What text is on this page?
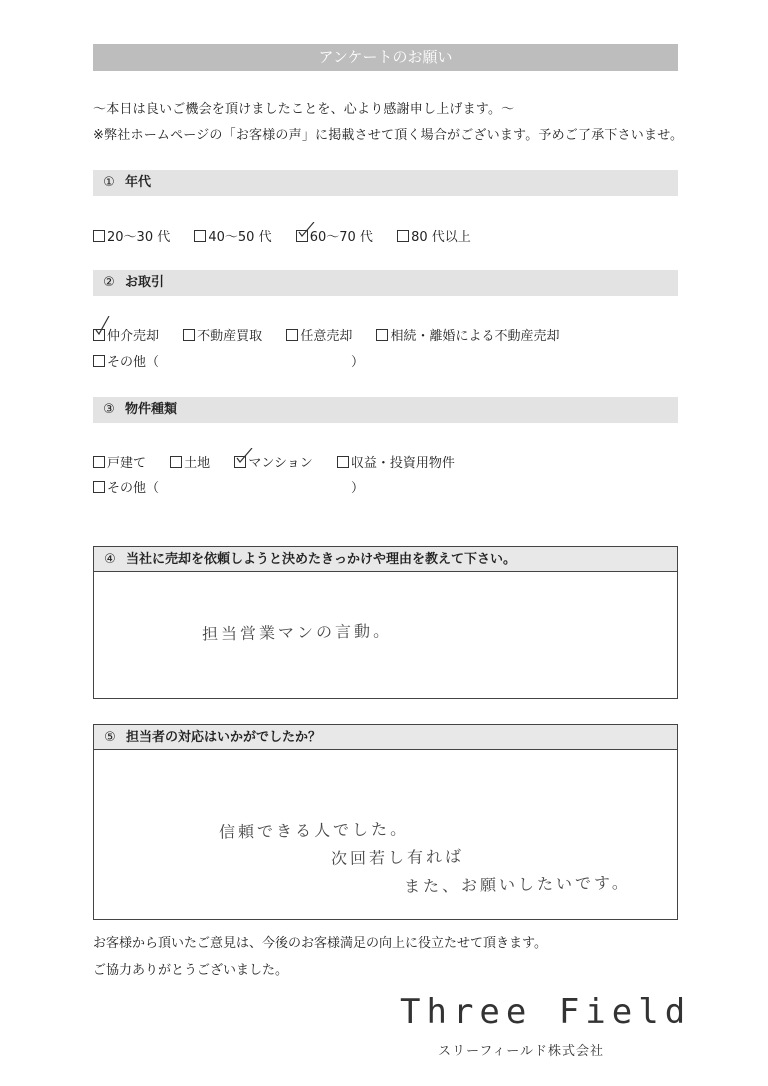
アンケートのお願い
～本日は良いご機会を頂けましたことを、心より感謝申し上げます。～
※弊社ホームページの「お客様の声」に掲載させて頂く場合がございます。予めご了承下さいませ。
① 年代
20～30 代	40～50 代	60～70 代	80 代以上
② お取引
仲介売却	不動産買取	任意売却	相続・離婚による不動産売却
その他（	）
③ 物件種類
戸建て	土地	マンション	収益・投資用物件
その他（	）
④ 当社に売却を依頼しようと決めたきっかけや理由を教えて下さい。
担当営業マンの言動。
⑤ 担当者の対応はいかがでしたか？
信頼できる人でした。
次回若し有れば
また、お願いしたいです。
お客様から頂いたご意見は、今後のお客様満足の向上に役立たせて頂きます。
ご協力ありがとうございました。
Three Field
スリーフィールド株式会社
